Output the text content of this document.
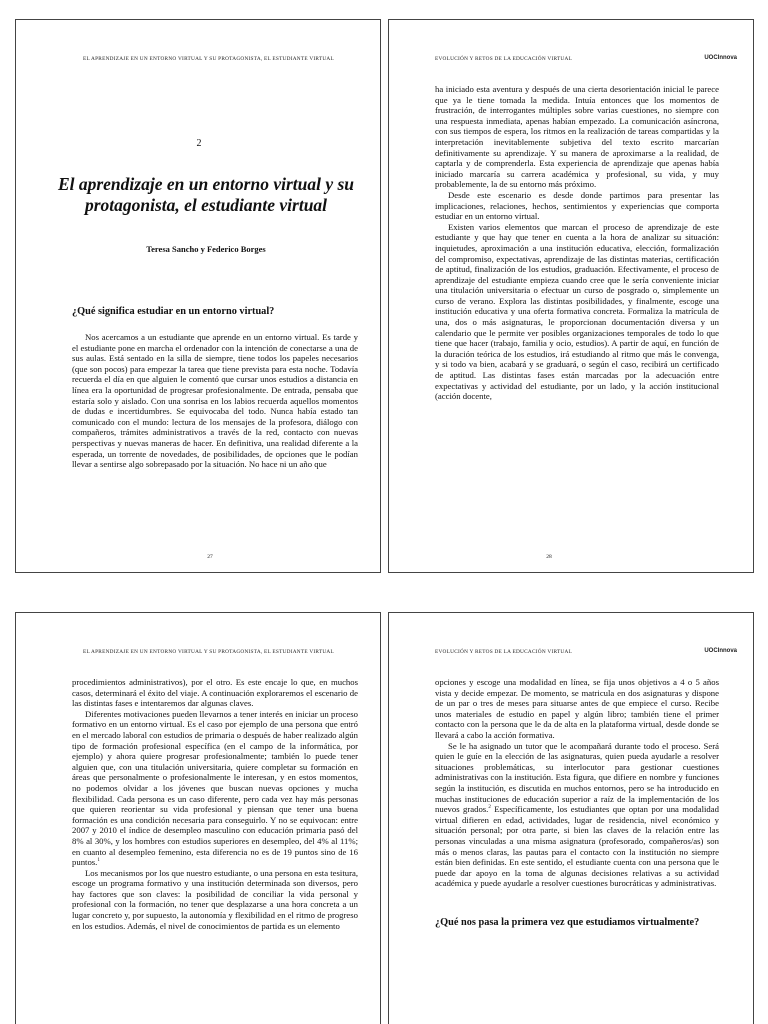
EL APRENDIZAJE EN UN ENTORNO VIRTUAL Y SU PROTAGONISTA, EL ESTUDIANTE VIRTUAL
2
El aprendizaje en un entorno virtual y su protagonista, el estudiante virtual
Teresa Sancho y Federico Borges
¿Qué significa estudiar en un entorno virtual?

Nos acercamos a un estudiante que aprende en un entorno virtual. Es tarde y el estudiante pone en marcha el ordenador con la intención de conectarse a una de sus aulas. Está sentado en la silla de siempre, tiene todos los papeles necesarios (que son pocos) para empezar la tarea que tiene prevista para esta noche. Todavía recuerda el día en que alguien le comentó que cursar unos estudios a distancia en línea era la oportunidad de progresar profesionalmente. De entrada, pensaba que estaría solo y aislado. Con una sonrisa en los labios recuerda aquellos momentos de dudas e incertidumbres. Se equivocaba del todo. Nunca había estado tan comunicado con el mundo: lectura de los mensajes de la profesora, diálogo con compañeros, trámites administrativos a través de la red, contacto con nuevas perspectivas y nuevas maneras de hacer. En definitiva, una realidad diferente a la esperada, un torrente de novedades, de posibilidades, de opciones que le podían llevar a sentirse algo sobrepasado por la situación. No hace ni un año que

27
EVOLUCIÓN Y RETOS DE LA EDUCACIÓN VIRTUAL	UOCInnova

ha iniciado esta aventura y después de una cierta desorientación inicial le parece que ya le tiene tomada la medida. Intuía entonces que los momentos de frustración, de interrogantes múltiples sobre varias cuestiones, no siempre con una respuesta inmediata, apenas habían empezado. La comunicación asíncrona, con sus tiempos de espera, los ritmos en la realización de tareas compartidas y la interpretación inevitablemente subjetiva del texto escrito marcarían definitivamente su aprendizaje. Y su manera de aproximarse a la realidad, de captarla y de comprenderla. Esta experiencia de aprendizaje que apenas había iniciado marcaría su carrera académica y profesional, su vida, y muy probablemente, la de su entorno más próximo.

Desde este escenario es desde donde partimos para presentar las implicaciones, relaciones, hechos, sentimientos y experiencias que comporta estudiar en un entorno virtual.

Existen varios elementos que marcan el proceso de aprendizaje de este estudiante y que hay que tener en cuenta a la hora de analizar su situación: inquietudes, aproximación a una institución educativa, elección, formalización del compromiso, expectativas, aprendizaje de las distintas materias, certificación de aptitud, finalización de los estudios, graduación. Efectivamente, el proceso de aprendizaje del estudiante empieza cuando cree que le sería conveniente iniciar una titulación universitaria o efectuar un curso de posgrado o, simplemente un curso de verano. Explora las distintas posibilidades, y finalmente, escoge una institución educativa y una oferta formativa concreta. Formaliza la matrícula de una, dos o más asignaturas, le proporcionan documentación diversa y un calendario que le permite ver posibles organizaciones temporales de todo lo que tiene que hacer (trabajo, familia y ocio, estudios). A partir de aquí, en función de la duración teórica de los estudios, irá estudiando al ritmo que más le convenga, y si todo va bien, acabará y se graduará, o según el caso, recibirá un certificado de aptitud. Las distintas fases están marcadas por la adecuación entre expectativas y actividad del estudiante, por un lado, y la acción institucional (acción docente,

28
EL APRENDIZAJE EN UN ENTORNO VIRTUAL Y SU PROTAGONISTA, EL ESTUDIANTE VIRTUAL

procedimientos administrativos), por el otro. Es este encaje lo que, en muchos casos, determinará el éxito del viaje. A continuación exploraremos el escenario de las distintas fases e intentaremos dar algunas claves.

Diferentes motivaciones pueden llevarnos a tener interés en iniciar un proceso formativo en un entorno virtual. Es el caso por ejemplo de una persona que entró en el mercado laboral con estudios de primaria o después de haber realizado algún tipo de formación profesional específica (en el campo de la informática, por ejemplo) y ahora quiere progresar profesionalmente; también lo puede tener alguien que, con una titulación universitaria, quiere completar su formación en áreas que personalmente o profesionalmente le interesan, y en estos momentos, no podemos olvidar a los jóvenes que buscan nuevas opciones y mucha flexibilidad. Cada persona es un caso diferente, pero cada vez hay más personas que quieren reorientar su vida profesional y piensan que tener una buena formación es una condición necesaria para conseguirlo. Y no se equivocan: entre 2007 y 2010 el índice de desempleo masculino con educación primaria pasó del 8% al 30%, y los hombres con estudios superiores en desempleo, del 4% al 11%; en cuanto al desempleo femenino, esta diferencia no es de 19 puntos sino de 16 puntos.$^1$

Los mecanismos por los que nuestro estudiante, o una persona en esta tesitura, escoge un programa formativo y una institución determinada son diversos, pero hay factores que son claves: la posibilidad de conciliar la vida personal y profesional con la formación, no tener que desplazarse a una hora concreta a un lugar concreto y, por supuesto, la autonomía y flexibilidad en el ritmo de progreso en los estudios. Además, el nivel de conocimientos de partida es un elemento

EVOLUCIÓN Y RETOS DE LA EDUCACIÓN VIRTUAL	UOCInnova

opciones y escoge una modalidad en línea, se fija unos objetivos a 4 o 5 años vista y decide empezar. De momento, se matricula en dos asignaturas y dispone de un par o tres de meses para situarse antes de que empiece el curso. Recibe unos materiales de estudio en papel y algún libro; también tiene el primer contacto con la persona que le da de alta en la plataforma virtual, desde donde se llevará a cabo la acción formativa.

Se le ha asignado un tutor que le acompañará durante todo el proceso. Será quien le guíe en la elección de las asignaturas, quien pueda ayudarle a resolver situaciones problemáticas, su interlocutor para gestionar cuestiones administrativas con la institución. Esta figura, que difiere en nombre y funciones según la institución, es discutida en muchos entornos, pero se ha introducido en muchas instituciones de educación superior a raíz de la implementación de los nuevos grados.$^2$ Específicamente, los estudiantes que optan por una modalidad virtual difieren en edad, actividades, lugar de residencia, nivel económico y situación personal; por otra parte, si bien las claves de la relación entre las personas vinculadas a una misma asignatura (profesorado, compañeros/as) son más o menos claras, las pautas para el contacto con la institución no siempre están bien definidas. En este sentido, el estudiante cuenta con una persona que le puede dar apoyo en la toma de algunas decisiones relativas a su actividad académica y puede ayudarle a resolver cuestiones burocráticas y administrativas.

¿Qué nos pasa la primera vez que estudiamos virtualmente?
